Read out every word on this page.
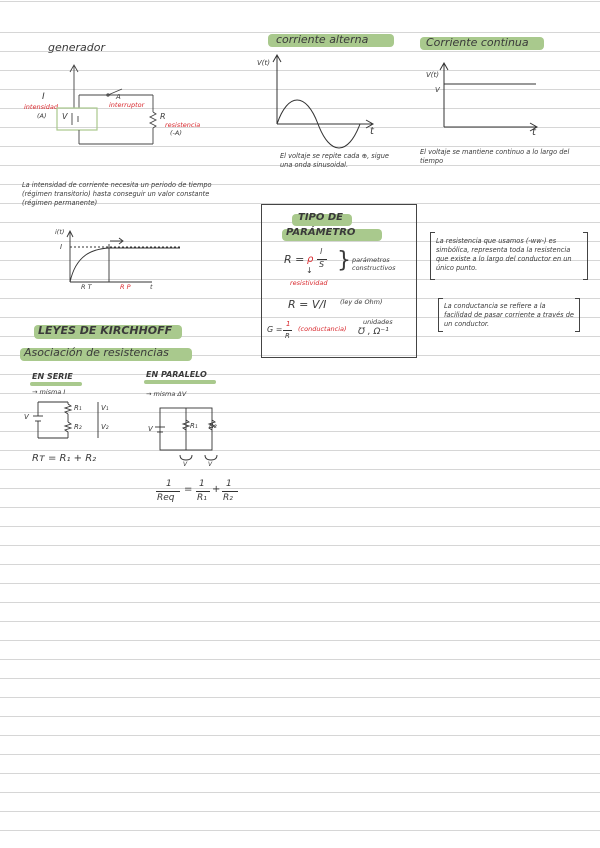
generador
I
intensidad
(A) V
A
interruptor
R
resistencia
(-A)
corriente alterna
V(t)
t
El voltaje se repite cada ⊕, sigue una onda sinusoidal.
Corriente continua
V(t)
V
t
El voltaje se mantiene continuo a lo largo del tiempo
La intensidad de corriente necesita un periodo de tiempo (régimen transitorio) hasta conseguir un valor constante (régimen permanente)
i(t)
I
R T	R P	t
TIPO DE
PARÁMETRO
R = ρ
l
S
↓
resistividad
} parámetros constructivos
R = V/I (ley de Ohm)
G =
1
R
(conductancia)
unidades
℧ , Ω⁻¹
La resistencia que usamos (-ww-) es simbólica, representa toda la resistencia que existe a lo largo del conductor en un único punto.
La conductancia se refiere a la facilidad de pasar corriente a través de un conductor.
LEYES DE KIRCHHOFF
Asociación de resistencias
EN SERIE
→ misma I
V
R₁
R₂
V₁
V₂
Rт = R₁ + R₂
EN PARALELO
→ misma ΔV
V	R₁ R₂
V	V
1
Req
= 1
R₁
+ 1
R₂
